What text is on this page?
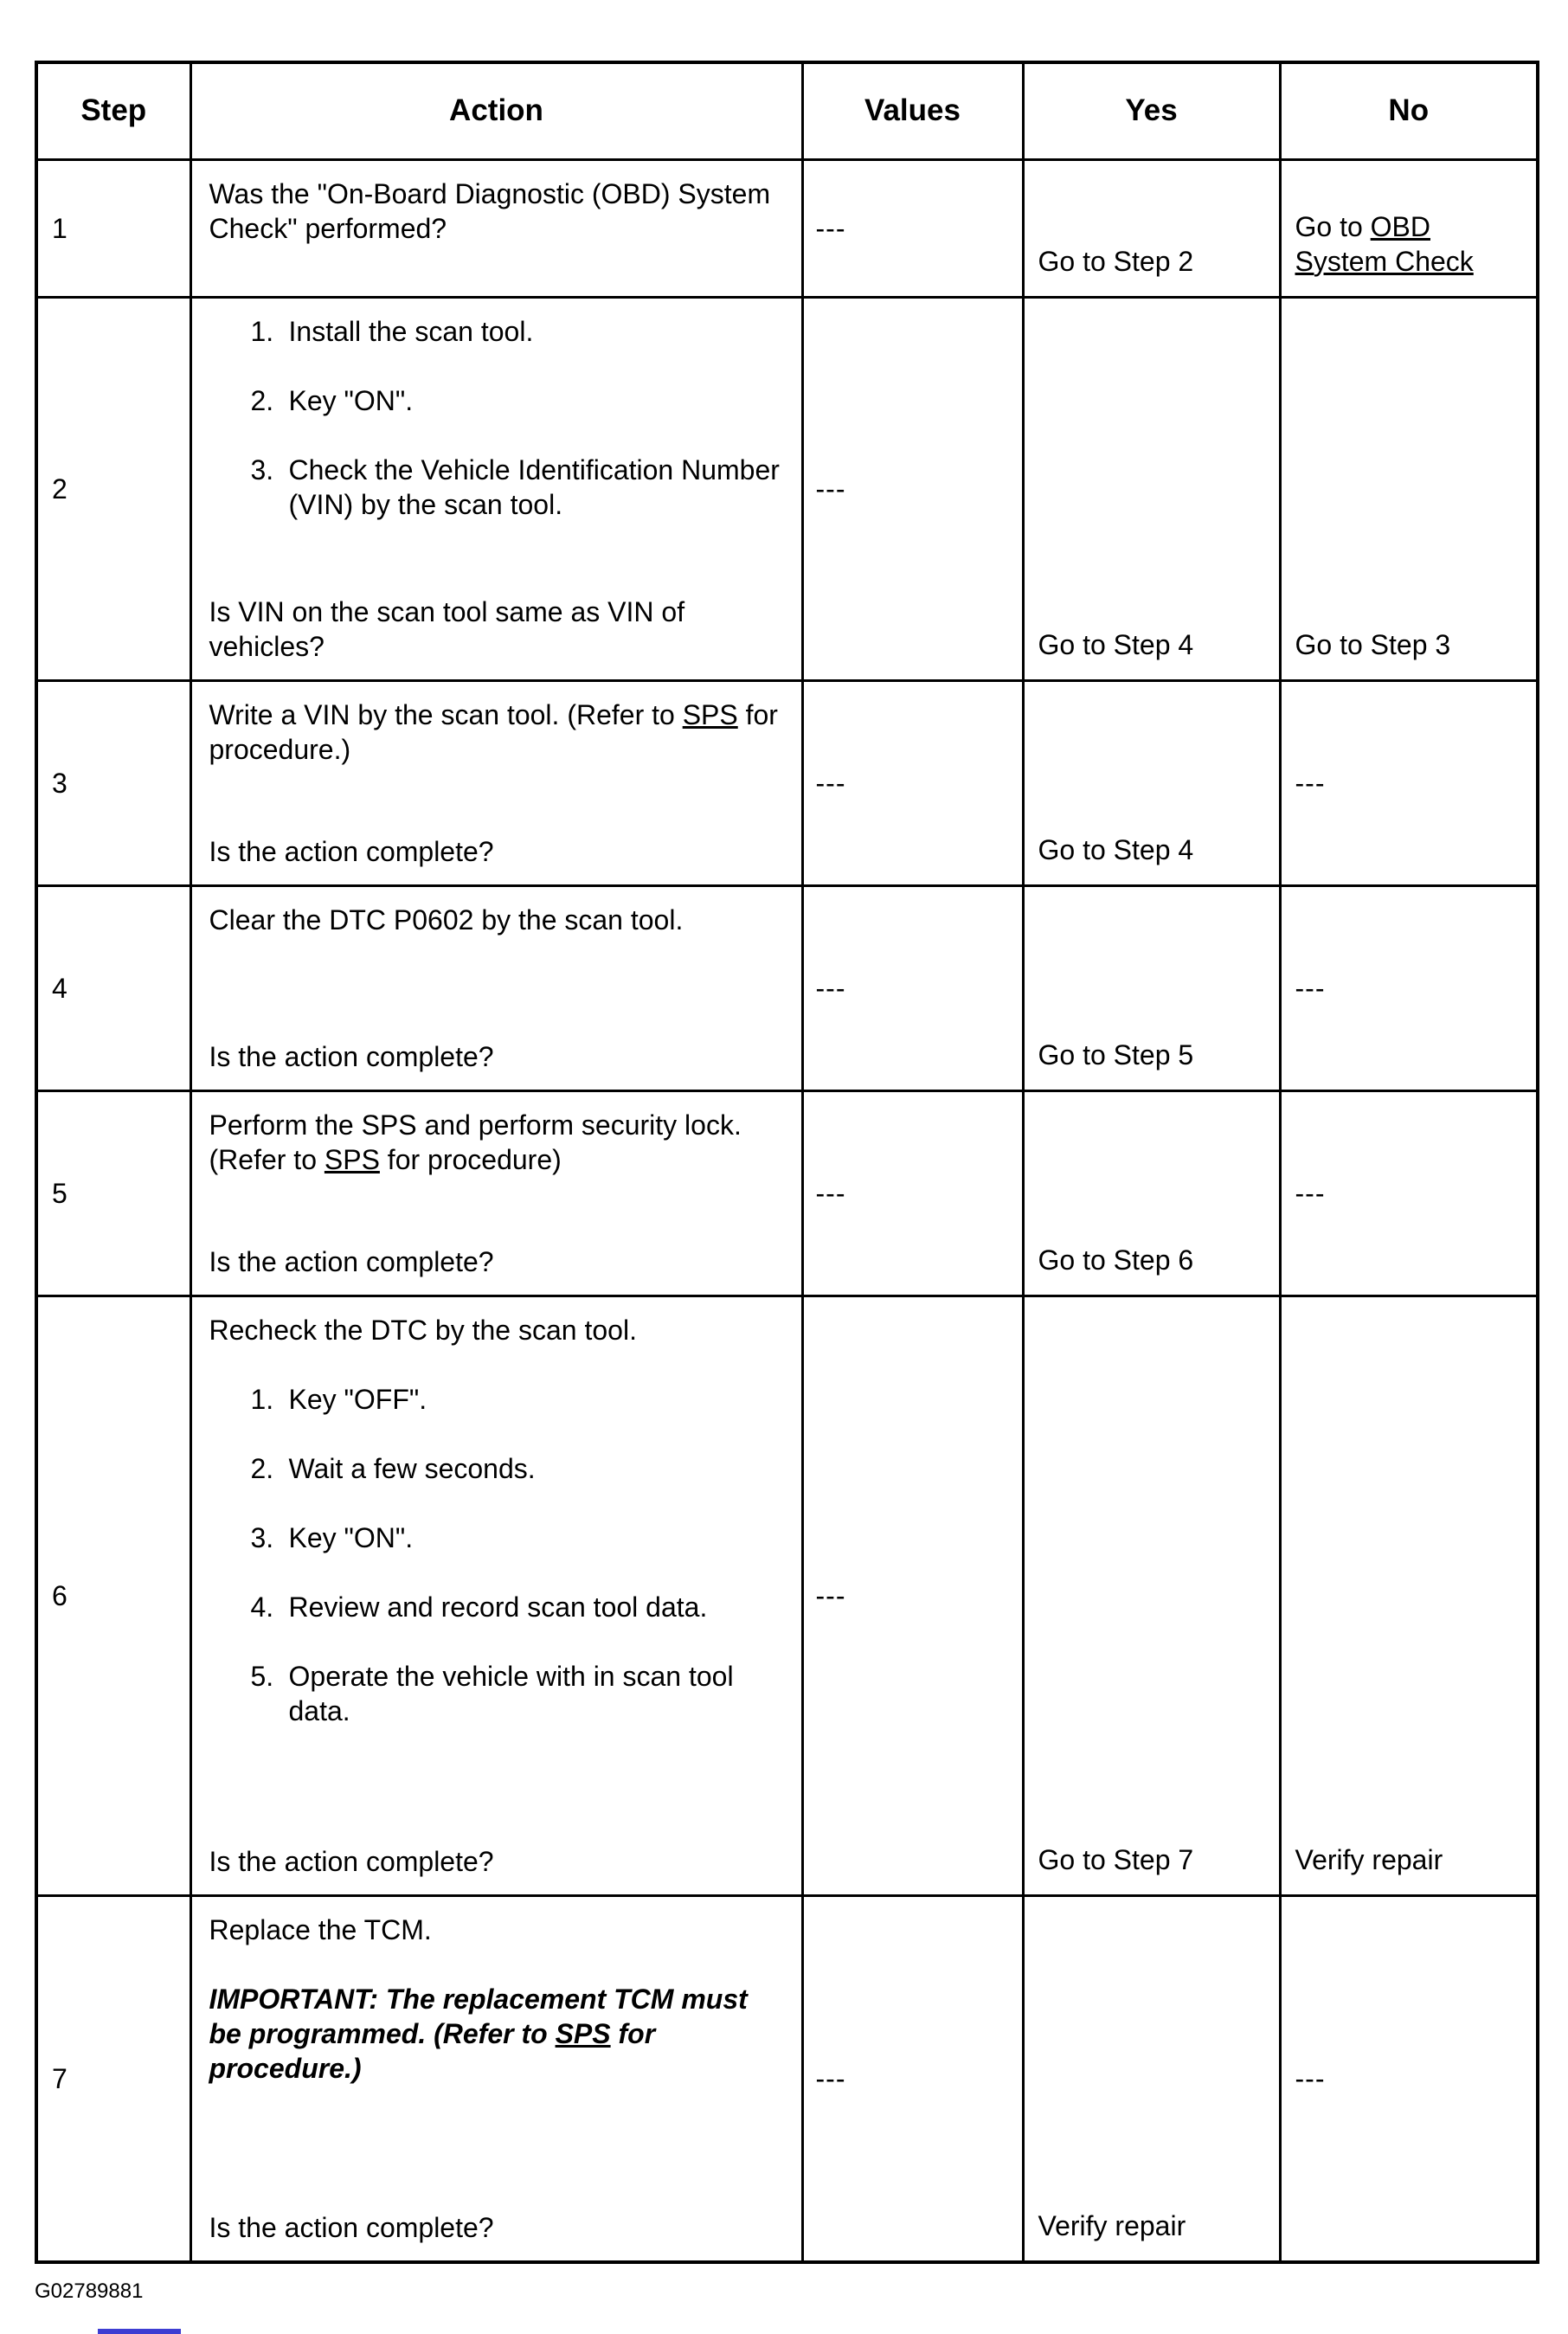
Step	Action	Values	Yes	No
1	Was the "On-Board Diagnostic (OBD) System Check" performed?	---	Go to Step 2	Go to OBD System Check
2	
1. Install the scan tool.
2. Key "ON".
3. Check the Vehicle Identification Number (VIN) by the scan tool.
Is VIN on the scan tool same as VIN of vehicles?
	---	Go to Step 4	Go to Step 3
3	Write a VIN by the scan tool. (Refer to SPS for procedure.)
Is the action complete?	---	Go to Step 4	---
4	Clear the DTC P0602 by the scan tool.
Is the action complete?	---	Go to Step 5	---
5	Perform the SPS and perform security lock. (Refer to SPS for procedure)
Is the action complete?	---	Go to Step 6	---
6	
Recheck the DTC by the scan tool.
1. Key "OFF".
2. Wait a few seconds.
3. Key "ON".
4. Review and record scan tool data.
5. Operate the vehicle with in scan tool data.
Is the action complete?
	---	Go to Step 7	Verify repair
7	Replace the TCM.
IMPORTANT: The replacement TCM must be programmed. (Refer to SPS for procedure.)
Is the action complete?	---	Verify repair	---
G02789881
